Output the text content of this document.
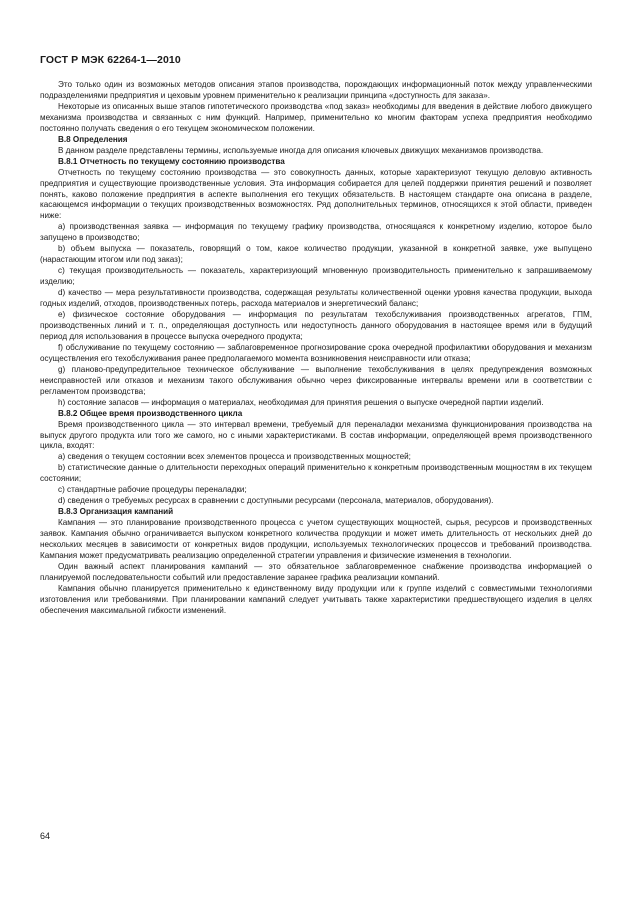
ГОСТ Р МЭК 62264-1—2010

Это только один из возможных методов описания этапов производства, порождающих информационный поток между управленческими подразделениями предприятия и цеховым уровнем применительно к реализации принципа «доступность для заказа».

Некоторые из описанных выше этапов гипотетического производства «под заказ» необходимы для введения в действие любого движущего механизма производства и связанных с ним функций. Например, применительно ко многим факторам успеха предприятия необходимо постоянно получать сведения о его текущем экономическом положении.

B.8 Определения

В данном разделе представлены термины, используемые иногда для описания ключевых движущих механизмов производства.

B.8.1 Отчетность по текущему состоянию производства

Отчетность по текущему состоянию производства — это совокупность данных, которые характеризуют текущую деловую активность предприятия и существующие производственные условия. Эта информация собирается для целей поддержки принятия решений и позволяет понять, каково положение предприятия в аспекте выполнения его текущих обязательств. В настоящем стандарте она описана в разделе, касающемся информации о текущих производственных возможностях. Ряд дополнительных терминов, относящихся к этой области, приведен ниже:

а) производственная заявка — информация по текущему графику производства, относящаяся к конкретному изделию, которое было запущено в производство;

b) объем выпуска — показатель, говорящий о том, какое количество продукции, указанной в конкретной заявке, уже выпущено (нарастающим итогом или под заказ);

c) текущая производительность — показатель, характеризующий мгновенную производительность применительно к запрашиваемому изделию;

d) качество — мера результативности производства, содержащая результаты количественной оценки уровня качества продукции, выхода годных изделий, отходов, производственных потерь, расхода материалов и энергетический баланс;

e) физическое состояние оборудования — информация по результатам техобслуживания производственных агрегатов, ГПМ, производственных линий и т. п., определяющая доступность или недоступность данного оборудования в настоящее время или в будущий период для использования в процессе выпуска очередного продукта;

f) обслуживание по текущему состоянию — заблаговременное прогнозирование срока очередной профилактики оборудования и механизм осуществления его техобслуживания ранее предполагаемого момента возникновения неисправности или отказа;

g) планово-предупредительное техническое обслуживание — выполнение техобслуживания в целях предупреждения возможных неисправностей или отказов и механизм такого обслуживания обычно через фиксированные интервалы времени или в соответствии с регламентом производства;

h) состояние запасов — информация о материалах, необходимая для принятия решения о выпуске очередной партии изделий.

B.8.2 Общее время производственного цикла

Время производственного цикла — это интервал времени, требуемый для переналадки механизма функционирования производства на выпуск другого продукта или того же самого, но с иными характеристиками. В состав информации, определяющей время производственного цикла, входят:

а) сведения о текущем состоянии всех элементов процесса и производственных мощностей;

b) статистические данные о длительности переходных операций применительно к конкретным производственным мощностям в их текущем состоянии;

c) стандартные рабочие процедуры переналадки;

d) сведения о требуемых ресурсах в сравнении с доступными ресурсами (персонала, материалов, оборудования).

B.8.3 Организация кампаний

Кампания — это планирование производственного процесса с учетом существующих мощностей, сырья, ресурсов и производственных заявок. Кампания обычно ограничивается выпуском конкретного количества продукции и может иметь длительность от нескольких дней до нескольких месяцев в зависимости от конкретных видов продукции, используемых технологических процессов и требований производства. Кампания может предусматривать реализацию определенной стратегии управления и физические изменения в технологии.

Один важный аспект планирования кампаний — это обязательное заблаговременное снабжение производства информацией о планируемой последовательности событий или предоставление заранее графика реализации компаний.

Кампания обычно планируется применительно к единственному виду продукции или к группе изделий с совместимыми технологиями изготовления или требованиями. При планировании кампаний следует учитывать также характеристики предшествующего изделия в целях обеспечения максимальной гибкости изменений.

64
